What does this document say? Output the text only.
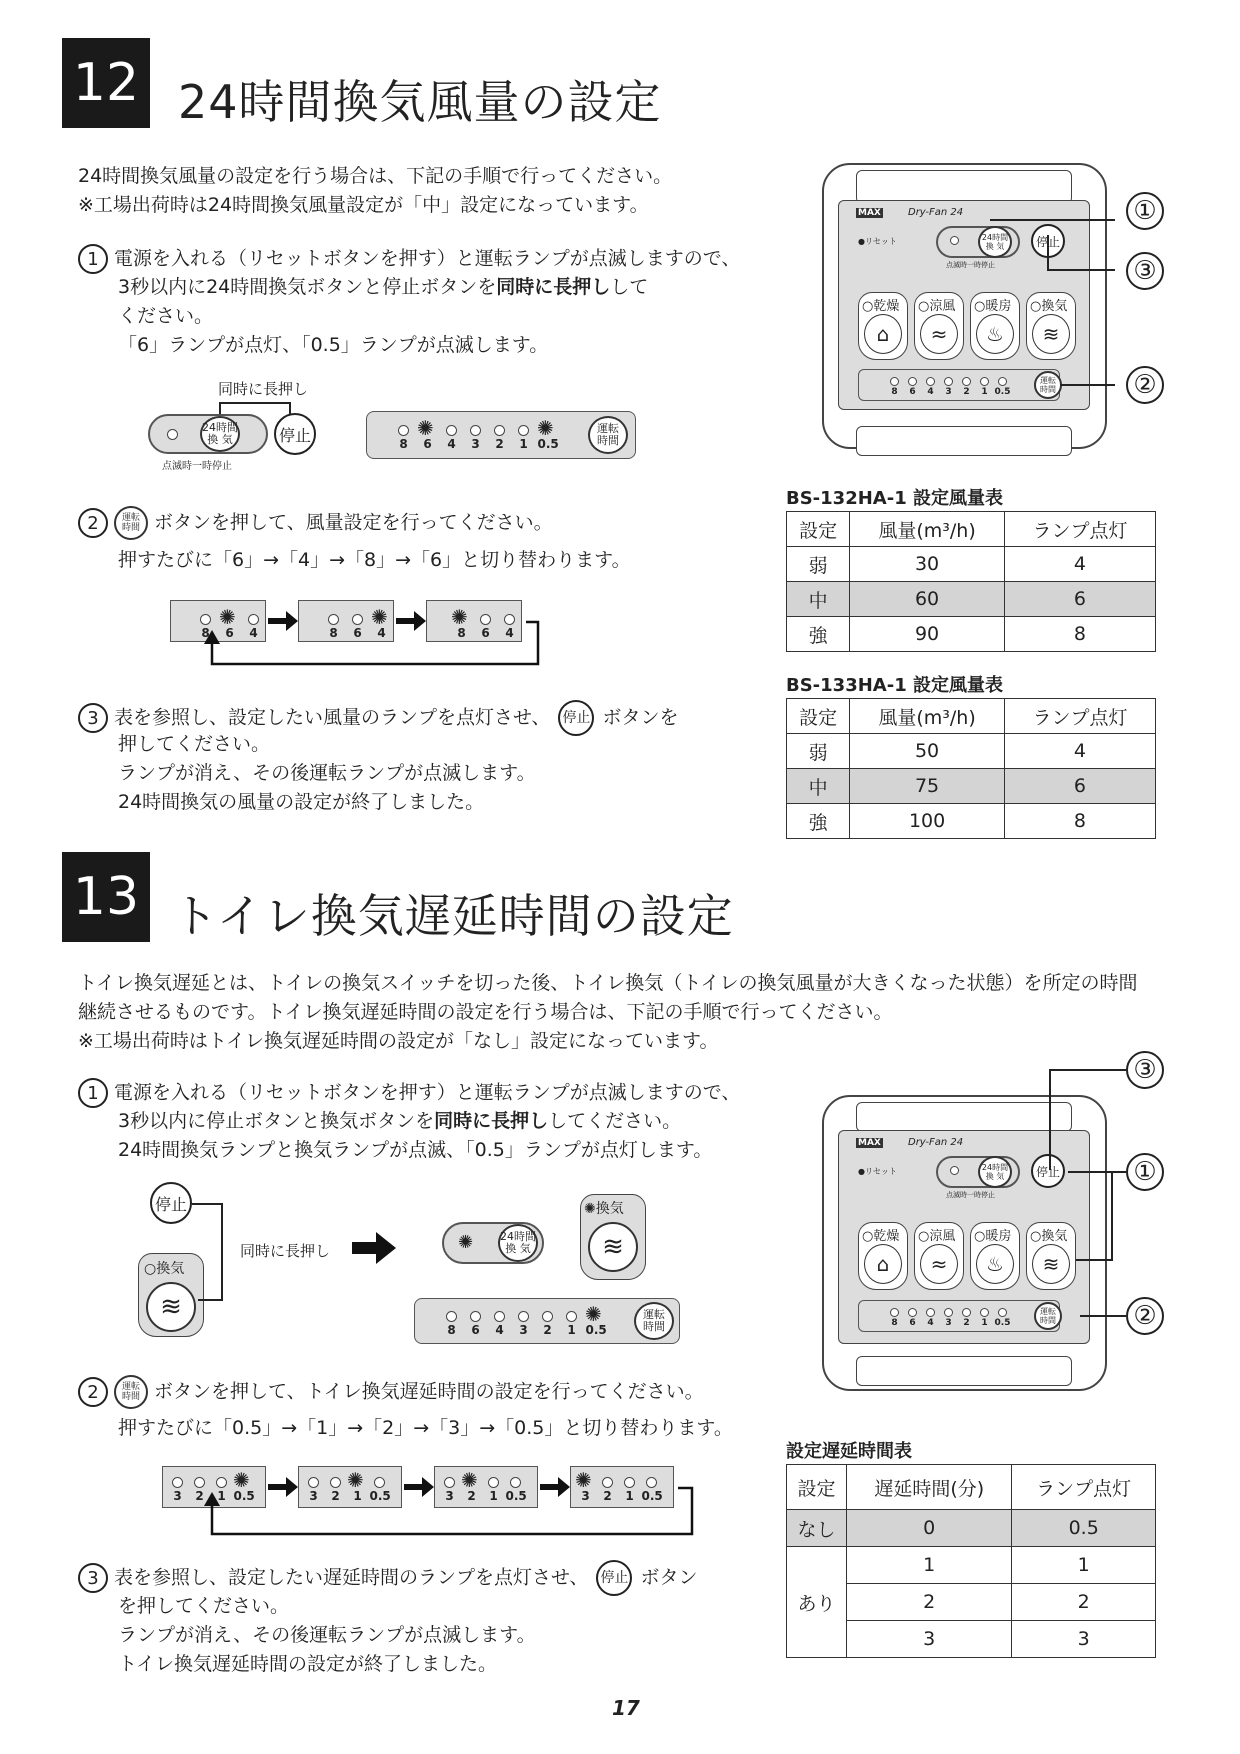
12 24時間換気風量の設定
24時間換気風量の設定を行う場合は、下記の手順で行ってください。
※工場出荷時は24時間換気風量設定が「中」設定になっています。
1 電源を入れる（リセットボタンを押す）と運転ランプが点滅しますので、
3秒以内に24時間換気ボタンと停止ボタンを同時に長押しして
ください。
「6」ランプが点灯、「0.5」ランプが点滅します。
同時に長押し
24時間
換 気
点滅時一時停止
停止	運転
時間
2	運転
時間 ボタンを押して、風量設定を行ってください。
押すたびに「6」→「4」→「8」→「6」と切り替わります。
3 表を参照し、設定したい風量のランプを点灯させ、 停止 ボタンを
押してください。
ランプが消え、その後運転ランプが点滅します。
24時間換気の風量の設定が終了しました。
MAX	Dry-Fan 24
●リセット	24時間
換 気
点滅時一時停止
停止
運転
時間
①
③
②
BS-132HA-1 設定風量表
設定	風量(m³/h)	ランプ点灯
弱	30	4
中	60	6
強	90	8
BS-133HA-1 設定風量表
設定	風量(m³/h)	ランプ点灯
弱	50	4
中	75	6
強	100	8
13 トイレ換気遅延時間の設定
トイレ換気遅延とは、トイレの換気スイッチを切った後、トイレ換気（トイレの換気風量が大きくなった状態）を所定の時間
継続させるものです。トイレ換気遅延時間の設定を行う場合は、下記の手順で行ってください。
※工場出荷時はトイレ換気遅延時間の設定が「なし」設定になっています。
1 電源を入れる（リセットボタンを押す）と運転ランプが点滅しますので、
3秒以内に停止ボタンと換気ボタンを同時に長押ししてください。
24時間換気ランプと換気ランプが点滅、「0.5」ランプが点灯します。
停止
○換気
≋
同時に長押し	✺ 24時間
換 気
✺換気
≋
運転
時間
2	運転
時間 ボタンを押して、トイレ換気遅延時間の設定を行ってください。
押すたびに「0.5」→「1」→「2」→「3」→「0.5」と切り替わります。
3 表を参照し、設定したい遅延時間のランプを点灯させ、 停止 ボタン
を押してください。
ランプが消え、その後運転ランプが点滅します。
トイレ換気遅延時間の設定が終了しました。
MAX	Dry-Fan 24
●リセット	24時間
換 気
点滅時一時停止
停止
運転
時間
③
①
②
設定遅延時間表
設定	遅延時間(分)	ランプ点灯
なし	0	0.5
あり	1	1
	2	2
	3	3
17
8
✺
6	4	3	2	1
✺
0.5
8	6	4	3	2	1
✺
0.5
8	6	4	3	2	1 0.5
8	6	4	3	2	1 0.5
8
✺
6	4	8	6
✺
4
✺
8	6	4
3	2	1
✺
0.5	3	2
✺
1 0.5	3
✺
2	1 0.5
✺
3	2	1 0.5
○乾燥
⌂
○涼風
≈
○暖房
♨
○換気
≋
○乾燥
⌂
○涼風
≈
○暖房
♨
○換気
≋
